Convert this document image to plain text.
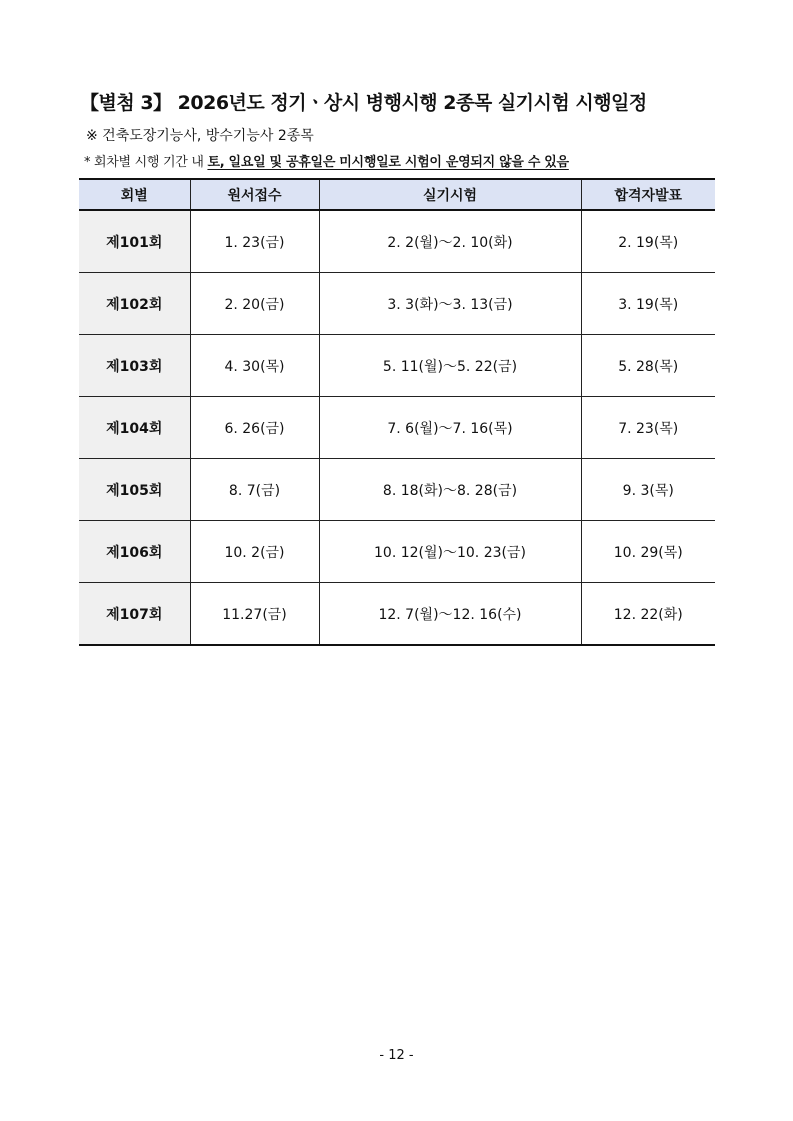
【별첨 3】 2026년도 정기ㆍ상시 병행시행 2종목 실기시험 시행일정
※ 건축도장기능사, 방수기능사 2종목
* 회차별 시행 기간 내 토, 일요일 및 공휴일은 미시행일로 시험이 운영되지 않을 수 있음
회별	원서접수	실기시험	합격자발표
제101회	1. 23(금)	2. 2(월)～2. 10(화)	2. 19(목)
제102회	2. 20(금)	3. 3(화)～3. 13(금)	3. 19(목)
제103회	4. 30(목)	5. 11(월)～5. 22(금)	5. 28(목)
제104회	6. 26(금)	7. 6(월)～7. 16(목)	7. 23(목)
제105회	8. 7(금)	8. 18(화)～8. 28(금)	9. 3(목)
제106회	10. 2(금)	10. 12(월)～10. 23(금)	10. 29(목)
제107회	11.27(금)	12. 7(월)～12. 16(수)	12. 22(화)
- 12 -
